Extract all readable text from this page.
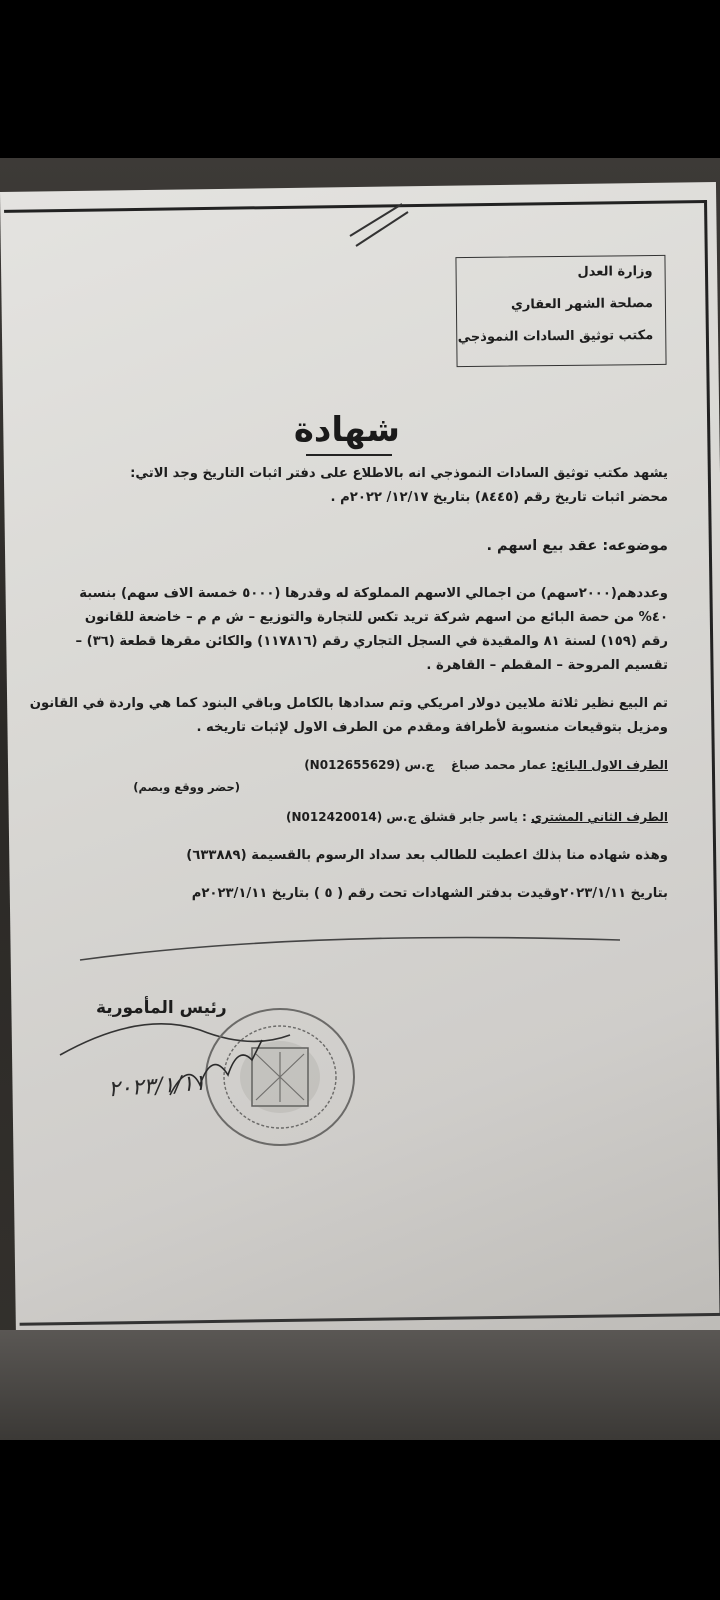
وزارة العدل
مصلحة الشهر العقاري
مكتب توثيق السادات النموذجي
شهادة
يشهد مكتب توثيق السادات النموذجي انه بالاطلاع على دفتر اثبات التاريخ وجد الاتي:
محضر اثبات تاريخ رقم (٨٤٤٥) بتاريخ ١٢/١٧/ ٢٠٢٢م .
موضوعه: عقد بيع اسهم .
وعددهم(٢٠٠٠سهم) من اجمالي الاسهم المملوكة له وقدرها (٥٠٠٠ خمسة الاف سهم) بنسبة
٤٠% من حصة البائع من اسهم شركة تريد تكس للتجارة والتوزيع – ش م م – خاضعة للقانون
رقم (١٥٩) لسنة ٨١ والمقيدة في السجل التجاري رقم (١١٧٨١٦) والكائن مقرها قطعة (٣٦) –
تقسيم المروحة – المقطم – القاهرة .
تم البيع نظير ثلاثة ملايين دولار امريكي وتم سدادها بالكامل وباقي البنود كما هي واردة في القانون
ومزيل بتوقيعات منسوبة لأطرافة ومقدم من الطرف الاول لإثبات تاريخه .
الطرف الاول البائع: عمار محمد صباغ    ج.س (N012655629)
(حضر ووقع وبصم)
الطرف الثاني المشتري : ياسر جابر قشلق ج.س (N012420014)
وهذه شهاده منا بذلك اعطيت للطالب بعد سداد الرسوم بالقسيمة (٦٣٣٨٨٩)
بتاريخ ٢٠٢٣/١/١١وقيدت بدفتر الشهادات تحت رقم ( ٥ ) بتاريخ ٢٠٢٣/١/١١م
رئيس المأمورية
٢٠٢٣/١/١١
